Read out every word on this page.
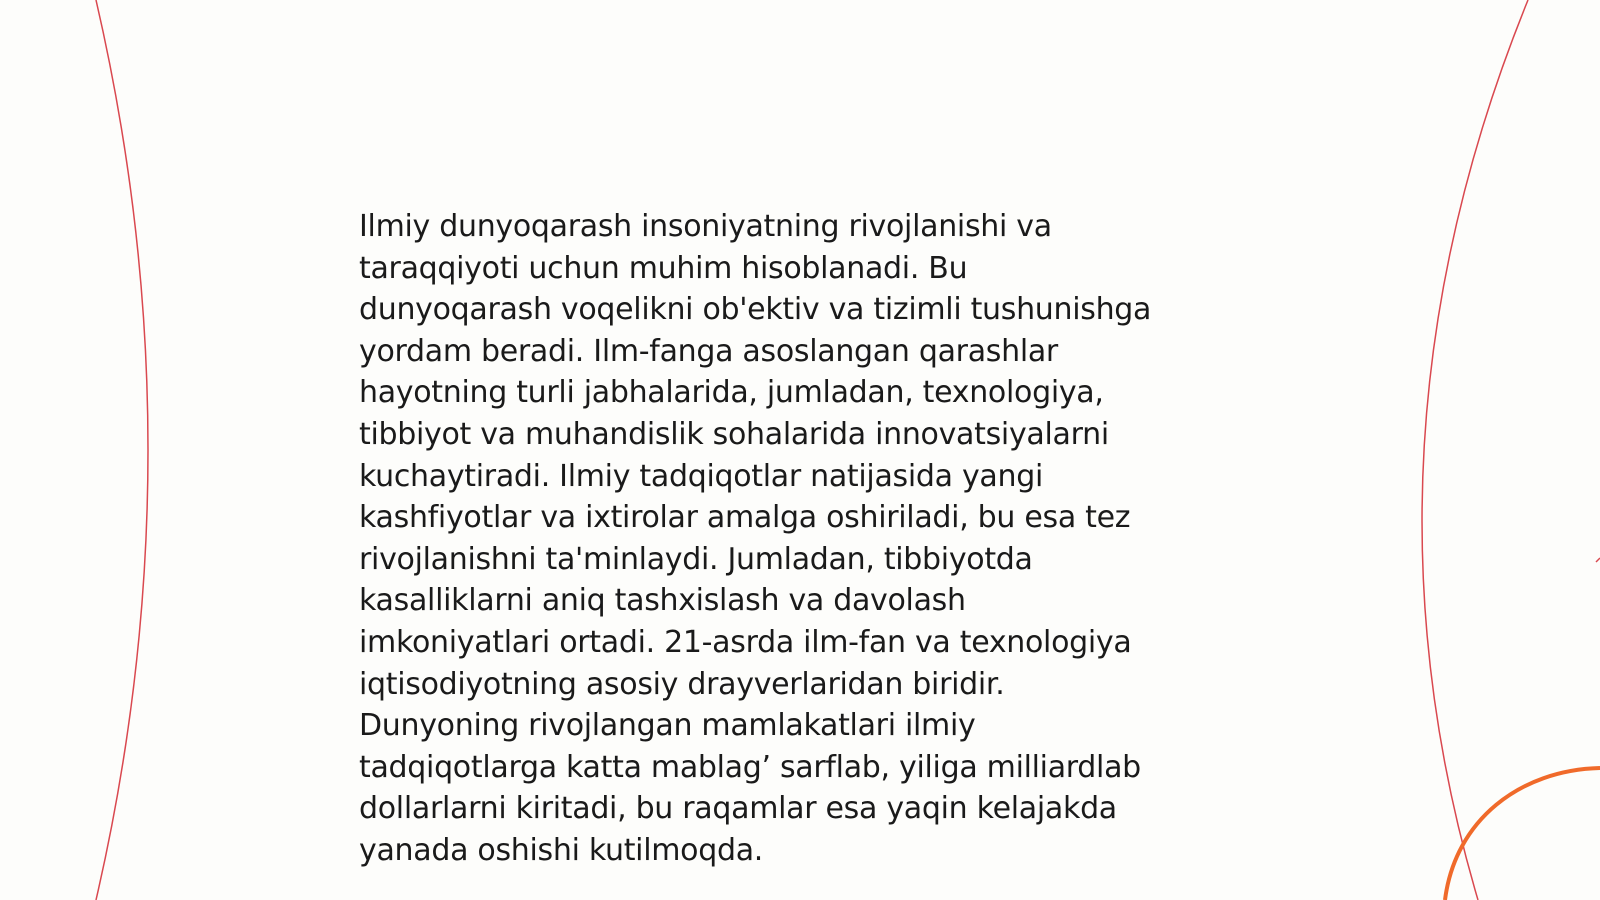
Ilmiy dunyoqarash insoniyatning rivojlanishi va
taraqqiyoti uchun muhim hisoblanadi. Bu
dunyoqarash voqelikni ob'ektiv va tizimli tushunishga
yordam beradi. Ilm-fanga asoslangan qarashlar
hayotning turli jabhalarida, jumladan, texnologiya,
tibbiyot va muhandislik sohalarida innovatsiyalarni
kuchaytiradi. Ilmiy tadqiqotlar natijasida yangi
kashfiyotlar va ixtirolar amalga oshiriladi, bu esa tez
rivojlanishni ta'minlaydi. Jumladan, tibbiyotda
kasalliklarni aniq tashxislash va davolash
imkoniyatlari ortadi. 21-asrda ilm-fan va texnologiya
iqtisodiyotning asosiy drayverlaridan biridir.
Dunyoning rivojlangan mamlakatlari ilmiy
tadqiqotlarga katta mablag’ sarflab, yiliga milliardlab
dollarlarni kiritadi, bu raqamlar esa yaqin kelajakda
yanada oshishi kutilmoqda.
